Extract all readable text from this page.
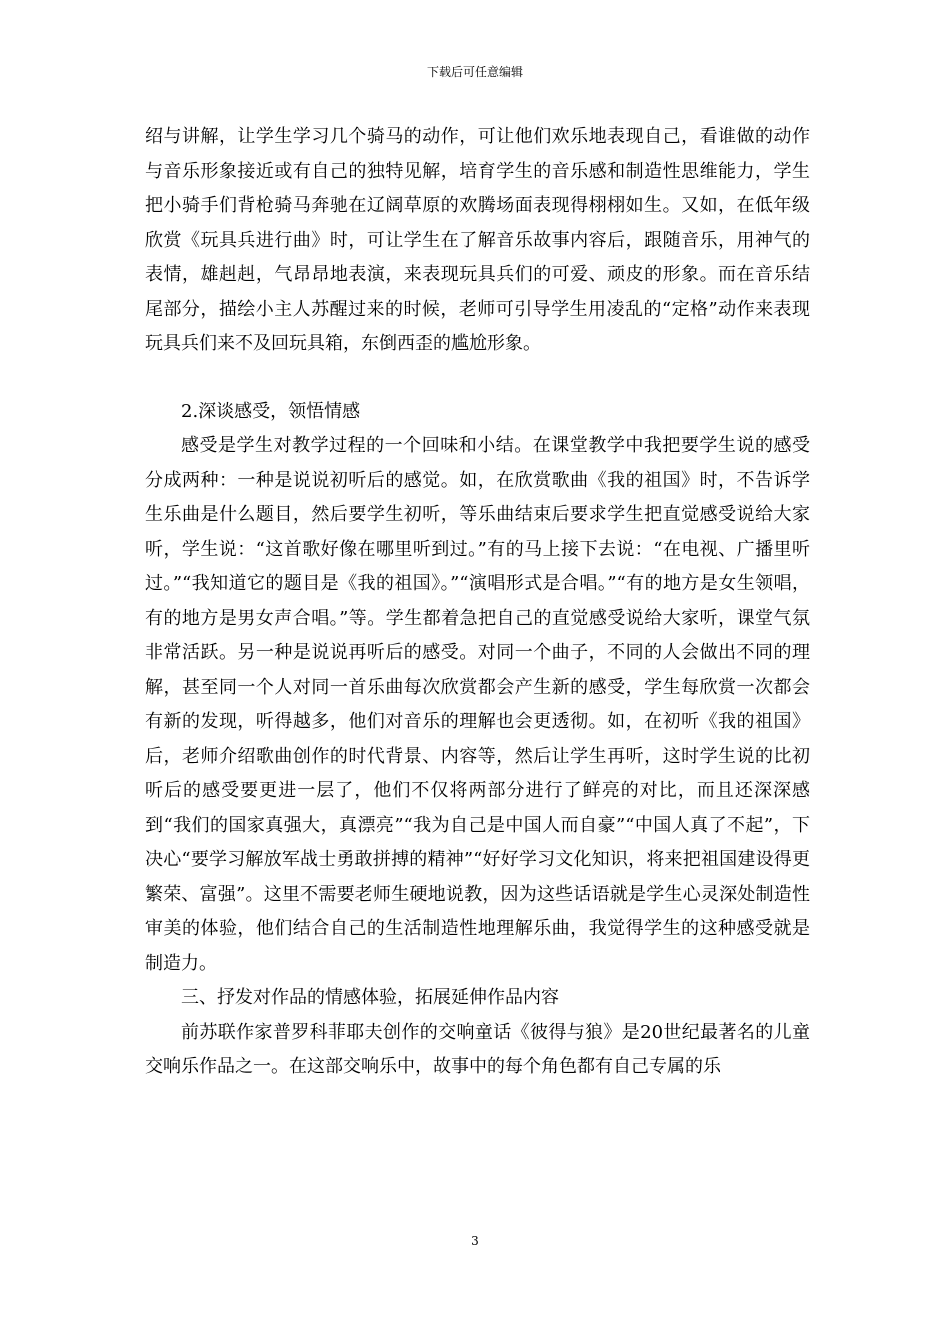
下载后可任意编辑

绍与讲解，让学生学习几个骑马的动作，可让他们欢乐地表现自己，看谁做的动作与音乐形象接近或有自己的独特见解，培育学生的音乐感和制造性思维能力，学生把小骑手们背枪骑马奔驰在辽阔草原的欢腾场面表现得栩栩如生。又如，在低年级欣赏《玩具兵进行曲》时，可让学生在了解音乐故事内容后，跟随音乐，用神气的表情，雄赳赳，气昂昂地表演，来表现玩具兵们的可爱、顽皮的形象。而在音乐结尾部分，描绘小主人苏醒过来的时候，老师可引导学生用凌乱的“定格”动作来表现玩具兵们来不及回玩具箱，东倒西歪的尴尬形象。

2.深谈感受，领悟情感

感受是学生对教学过程的一个回味和小结。在课堂教学中我把要学生说的感受分成两种：一种是说说初听后的感觉。如，在欣赏歌曲《我的祖国》时，不告诉学生乐曲是什么题目，然后要学生初听，等乐曲结束后要求学生把直觉感受说给大家听，学生说：“这首歌好像在哪里听到过。”有的马上接下去说：“在电视、广播里听过。”“我知道它的题目是《我的祖国》。”“演唱形式是合唱。”“有的地方是女生领唱，有的地方是男女声合唱。”等。学生都着急把自己的直觉感受说给大家听，课堂气氛非常活跃。另一种是说说再听后的感受。对同一个曲子，不同的人会做出不同的理解，甚至同一个人对同一首乐曲每次欣赏都会产生新的感受，学生每欣赏一次都会有新的发现，听得越多，他们对音乐的理解也会更透彻。如，在初听《我的祖国》后，老师介绍歌曲创作的时代背景、内容等，然后让学生再听，这时学生说的比初听后的感受要更进一层了，他们不仅将两部分进行了鲜亮的对比，而且还深深感到“我们的国家真强大，真漂亮”“我为自己是中国人而自豪”“中国人真了不起”，下决心“要学习解放军战士勇敢拼搏的精神”“好好学习文化知识，将来把祖国建设得更繁荣、富强”。这里不需要老师生硬地说教，因为这些话语就是学生心灵深处制造性审美的体验，他们结合自己的生活制造性地理解乐曲，我觉得学生的这种感受就是制造力。

三、抒发对作品的情感体验，拓展延伸作品内容

前苏联作家普罗科菲耶夫创作的交响童话《彼得与狼》是20世纪最著名的儿童交响乐作品之一。在这部交响乐中，故事中的每个角色都有自己专属的乐

3
